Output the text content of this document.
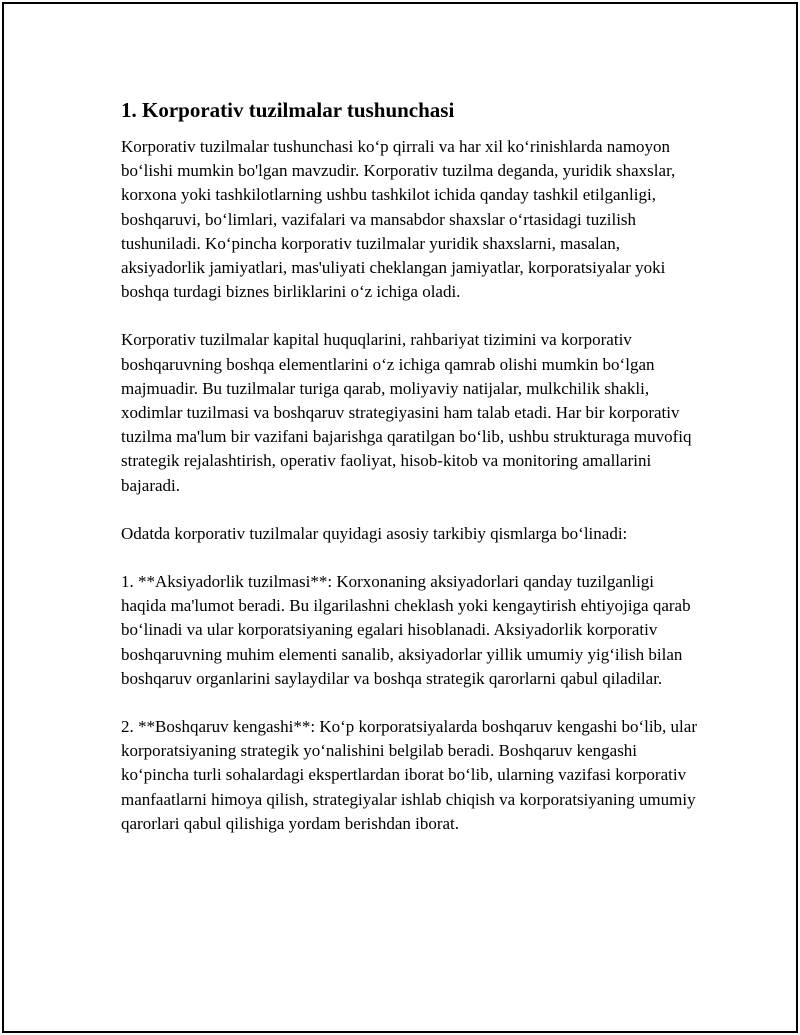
1. Korporativ tuzilmalar tushunchasi

Korporativ tuzilmalar tushunchasi ko‘p qirrali va har xil ko‘rinishlarda namoyon bo‘lishi mumkin bo'lgan mavzudir. Korporativ tuzilma deganda, yuridik shaxslar, korxona yoki tashkilotlarning ushbu tashkilot ichida qanday tashkil etilganligi, boshqaruvi, bo‘limlari, vazifalari va mansabdor shaxslar o‘rtasidagi tuzilish tushuniladi. Ko‘pincha korporativ tuzilmalar yuridik shaxslarni, masalan, aksiyadorlik jamiyatlari, mas'uliyati cheklangan jamiyatlar, korporatsiyalar yoki boshqa turdagi biznes birliklarini o‘z ichiga oladi.

Korporativ tuzilmalar kapital huquqlarini, rahbariyat tizimini va korporativ boshqaruvning boshqa elementlarini o‘z ichiga qamrab olishi mumkin bo‘lgan majmuadir. Bu tuzilmalar turiga qarab, moliyaviy natijalar, mulkchilik shakli, xodimlar tuzilmasi va boshqaruv strategiyasini ham talab etadi. Har bir korporativ tuzilma ma'lum bir vazifani bajarishga qaratilgan bo‘lib, ushbu strukturaga muvofiq strategik rejalashtirish, operativ faoliyat, hisob-kitob va monitoring amallarini bajaradi.

Odatda korporativ tuzilmalar quyidagi asosiy tarkibiy qismlarga bo‘linadi:

1. **Aksiyadorlik tuzilmasi**: Korxonaning aksiyadorlari qanday tuzilganligi haqida ma'lumot beradi. Bu ilgarilashni cheklash yoki kengaytirish ehtiyojiga qarab bo‘linadi va ular korporatsiyaning egalari hisoblanadi. Aksiyadorlik korporativ boshqaruvning muhim elementi sanalib, aksiyadorlar yillik umumiy yig‘ilish bilan boshqaruv organlarini saylaydilar va boshqa strategik qarorlarni qabul qiladilar.

2. **Boshqaruv kengashi**: Ko‘p korporatsiyalarda boshqaruv kengashi bo‘lib, ular korporatsiyaning strategik yo‘nalishini belgilab beradi. Boshqaruv kengashi ko‘pincha turli sohalardagi ekspertlardan iborat bo‘lib, ularning vazifasi korporativ manfaatlarni himoya qilish, strategiyalar ishlab chiqish va korporatsiyaning umumiy qarorlari qabul qilishiga yordam berishdan iborat.
